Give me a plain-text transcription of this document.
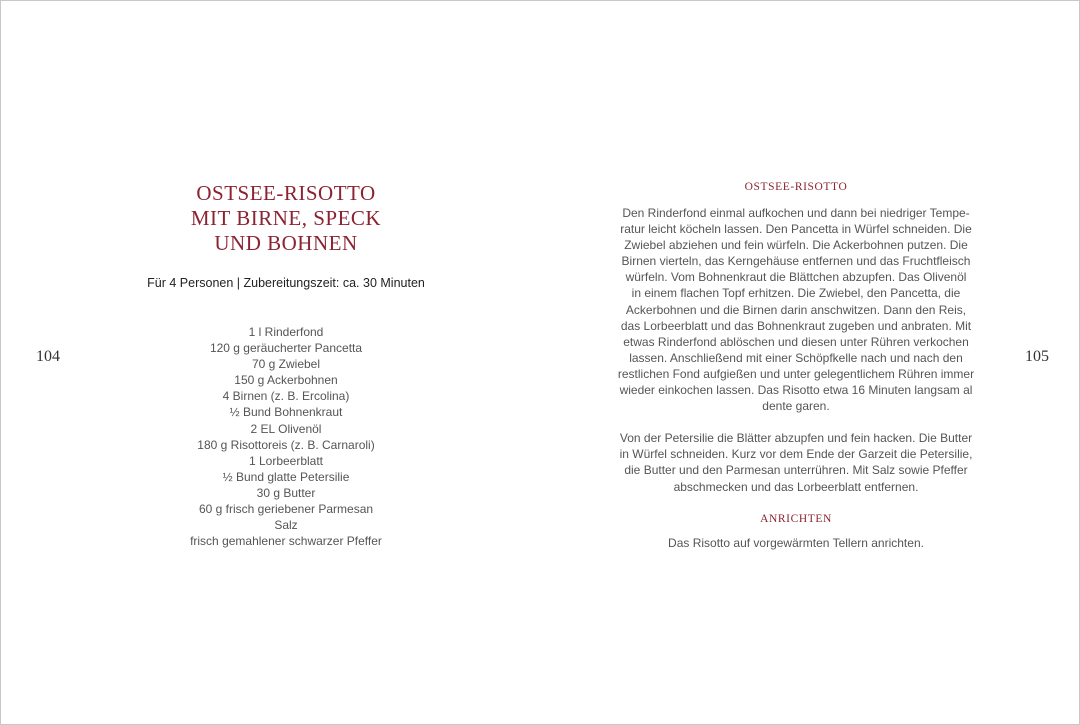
104	105
OSTSEE-RISOTTO
MIT BIRNE, SPECK
UND BOHNEN
Für 4 Personen | Zubereitungszeit: ca. 30 Minuten
1 l Rinderfond
120 g geräucherter Pancetta
70 g Zwiebel
150 g Ackerbohnen
4 Birnen (z. B. Ercolina)
½ Bund Bohnenkraut
2 EL Olivenöl
180 g Risottoreis (z. B. Carnaroli)
1 Lorbeerblatt
½ Bund glatte Petersilie
30 g Butter
60 g frisch geriebener Parmesan
Salz
frisch gemahlener schwarzer Pfeffer
OSTSEE-RISOTTO

Den Rinderfond einmal aufkochen und dann bei niedriger Tempe-
ratur leicht köcheln lassen. Den Pancetta in Würfel schneiden. Die
Zwiebel abziehen und fein würfeln. Die Ackerbohnen putzen. Die
Birnen vierteln, das Kerngehäuse entfernen und das Fruchtfleisch
würfeln. Vom Bohnenkraut die Blättchen abzupfen. Das Olivenöl
in einem flachen Topf erhitzen. Die Zwiebel, den Pancetta, die
Ackerbohnen und die Birnen darin anschwitzen. Dann den Reis,
das Lorbeerblatt und das Bohnenkraut zugeben und anbraten. Mit
etwas Rinderfond ablöschen und diesen unter Rühren verkochen
lassen. Anschließend mit einer Schöpfkelle nach und nach den
restlichen Fond aufgießen und unter gelegentlichem Rühren immer
wieder einkochen lassen. Das Risotto etwa 16 Minuten langsam al
dente garen.

Von der Petersilie die Blätter abzupfen und fein hacken. Die Butter
in Würfel schneiden. Kurz vor dem Ende der Garzeit die Petersilie,
die Butter und den Parmesan unterrühren. Mit Salz sowie Pfeffer
abschmecken und das Lorbeerblatt entfernen.

ANRICHTEN

Das Risotto auf vorgewärmten Tellern anrichten.
